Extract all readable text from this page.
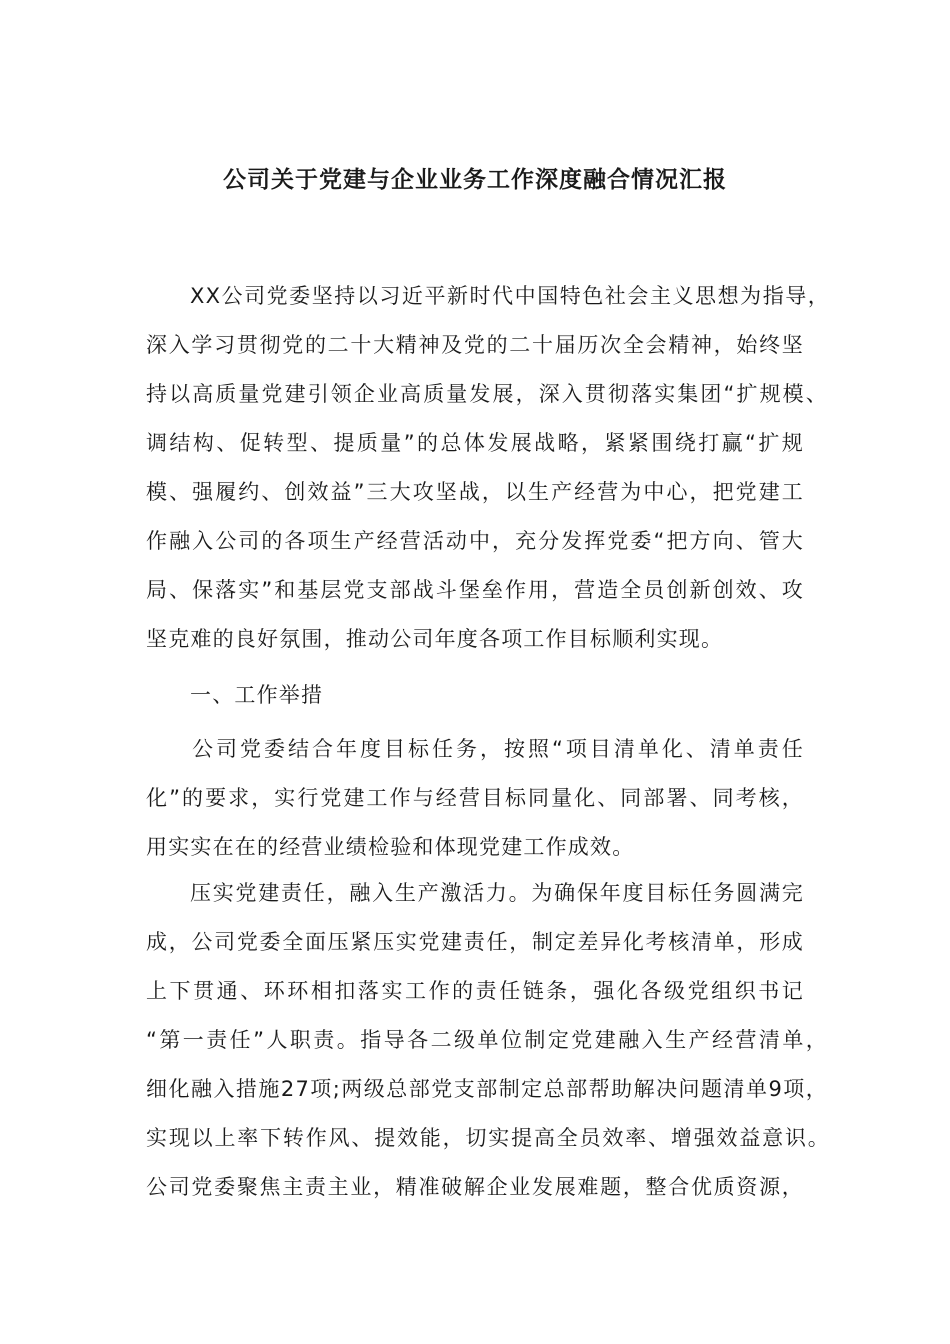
公司关于党建与企业业务工作深度融合情况汇报
XX公司党委坚持以习近平新时代中国特色社会主义思想为指导，
深入学习贯彻党的二十大精神及党的二十届历次全会精神，始终坚
持以高质量党建引领企业高质量发展，深入贯彻落实集团“扩规模、
调结构、促转型、提质量”的总体发展战略，紧紧围绕打赢“扩规
模、强履约、创效益”三大攻坚战，以生产经营为中心，把党建工
作融入公司的各项生产经营活动中，充分发挥党委“把方向、管大
局、保落实”和基层党支部战斗堡垒作用，营造全员创新创效、攻
坚克难的良好氛围，推动公司年度各项工作目标顺利实现。
一、工作举措
公司党委结合年度目标任务，按照“项目清单化、清单责任
化”的要求，实行党建工作与经营目标同量化、同部署、同考核，
用实实在在的经营业绩检验和体现党建工作成效。
压实党建责任，融入生产激活力。为确保年度目标任务圆满完
成，公司党委全面压紧压实党建责任，制定差异化考核清单，形成
上下贯通、环环相扣落实工作的责任链条，强化各级党组织书记
“第一责任”人职责。指导各二级单位制定党建融入生产经营清单，
细化融入措施27项;两级总部党支部制定总部帮助解决问题清单9项，
实现以上率下转作风、提效能，切实提高全员效率、增强效益意识。
公司党委聚焦主责主业，精准破解企业发展难题，整合优质资源，
